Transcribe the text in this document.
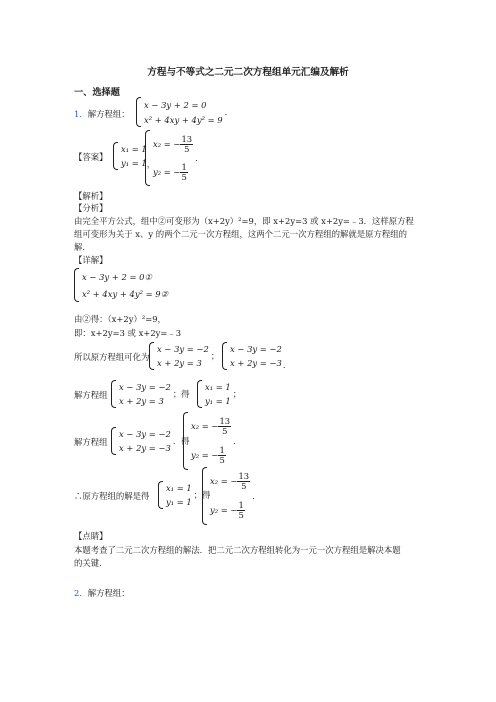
方程与不等式之二元二次方程组单元汇编及解析
一、选择题
1．解方程组：
x − 3y + 2 = 0
x² + 4xy + 4y² = 9
.
【答案】
x₁ = 1
y₁ = 1 ，
x₂ = − $\frac{13}{5}$
y₂ = − $\frac{1}{5}$
.
【解析】
【分析】
由完全平方公式，组中②可变形为（x+2y）²=9，即 x+2y=3 或 x+2y=﹣3．这样原方程
组可变形为关于 x、y 的两个二元一次方程组，这两个二元一次方程组的解就是原方程组的
解．
【详解】
x − 3y + 2 = 0①
x² + 4xy + 4y² = 9②
由②得：（x+2y）²=9，
即：x+2y=3 或 x+2y=﹣3
所以原方程组可化为
x − 3y = −2
x + 2y = 3
；
x − 3y = −2
x + 2y = −3 .
解方程组
x − 3y = −2
x + 2y = 3
；得
x₁ = 1
y₁ = 1
；
解方程组
x − 3y = −2
x + 2y = −3
．得
x₂ = − $\frac{13}{5}$
y₂ = − $\frac{1}{5}$
．
∴原方程组的解是得
x₁ = 1
y₁ = 1
；得
x₂ = − $\frac{13}{5}$
y₂ = − $\frac{1}{5}$
.
【点睛】
本题考查了二元二次方程组的解法．把二元二次方程组转化为一元一次方程组是解决本题
的关键．
2．解方程组：
